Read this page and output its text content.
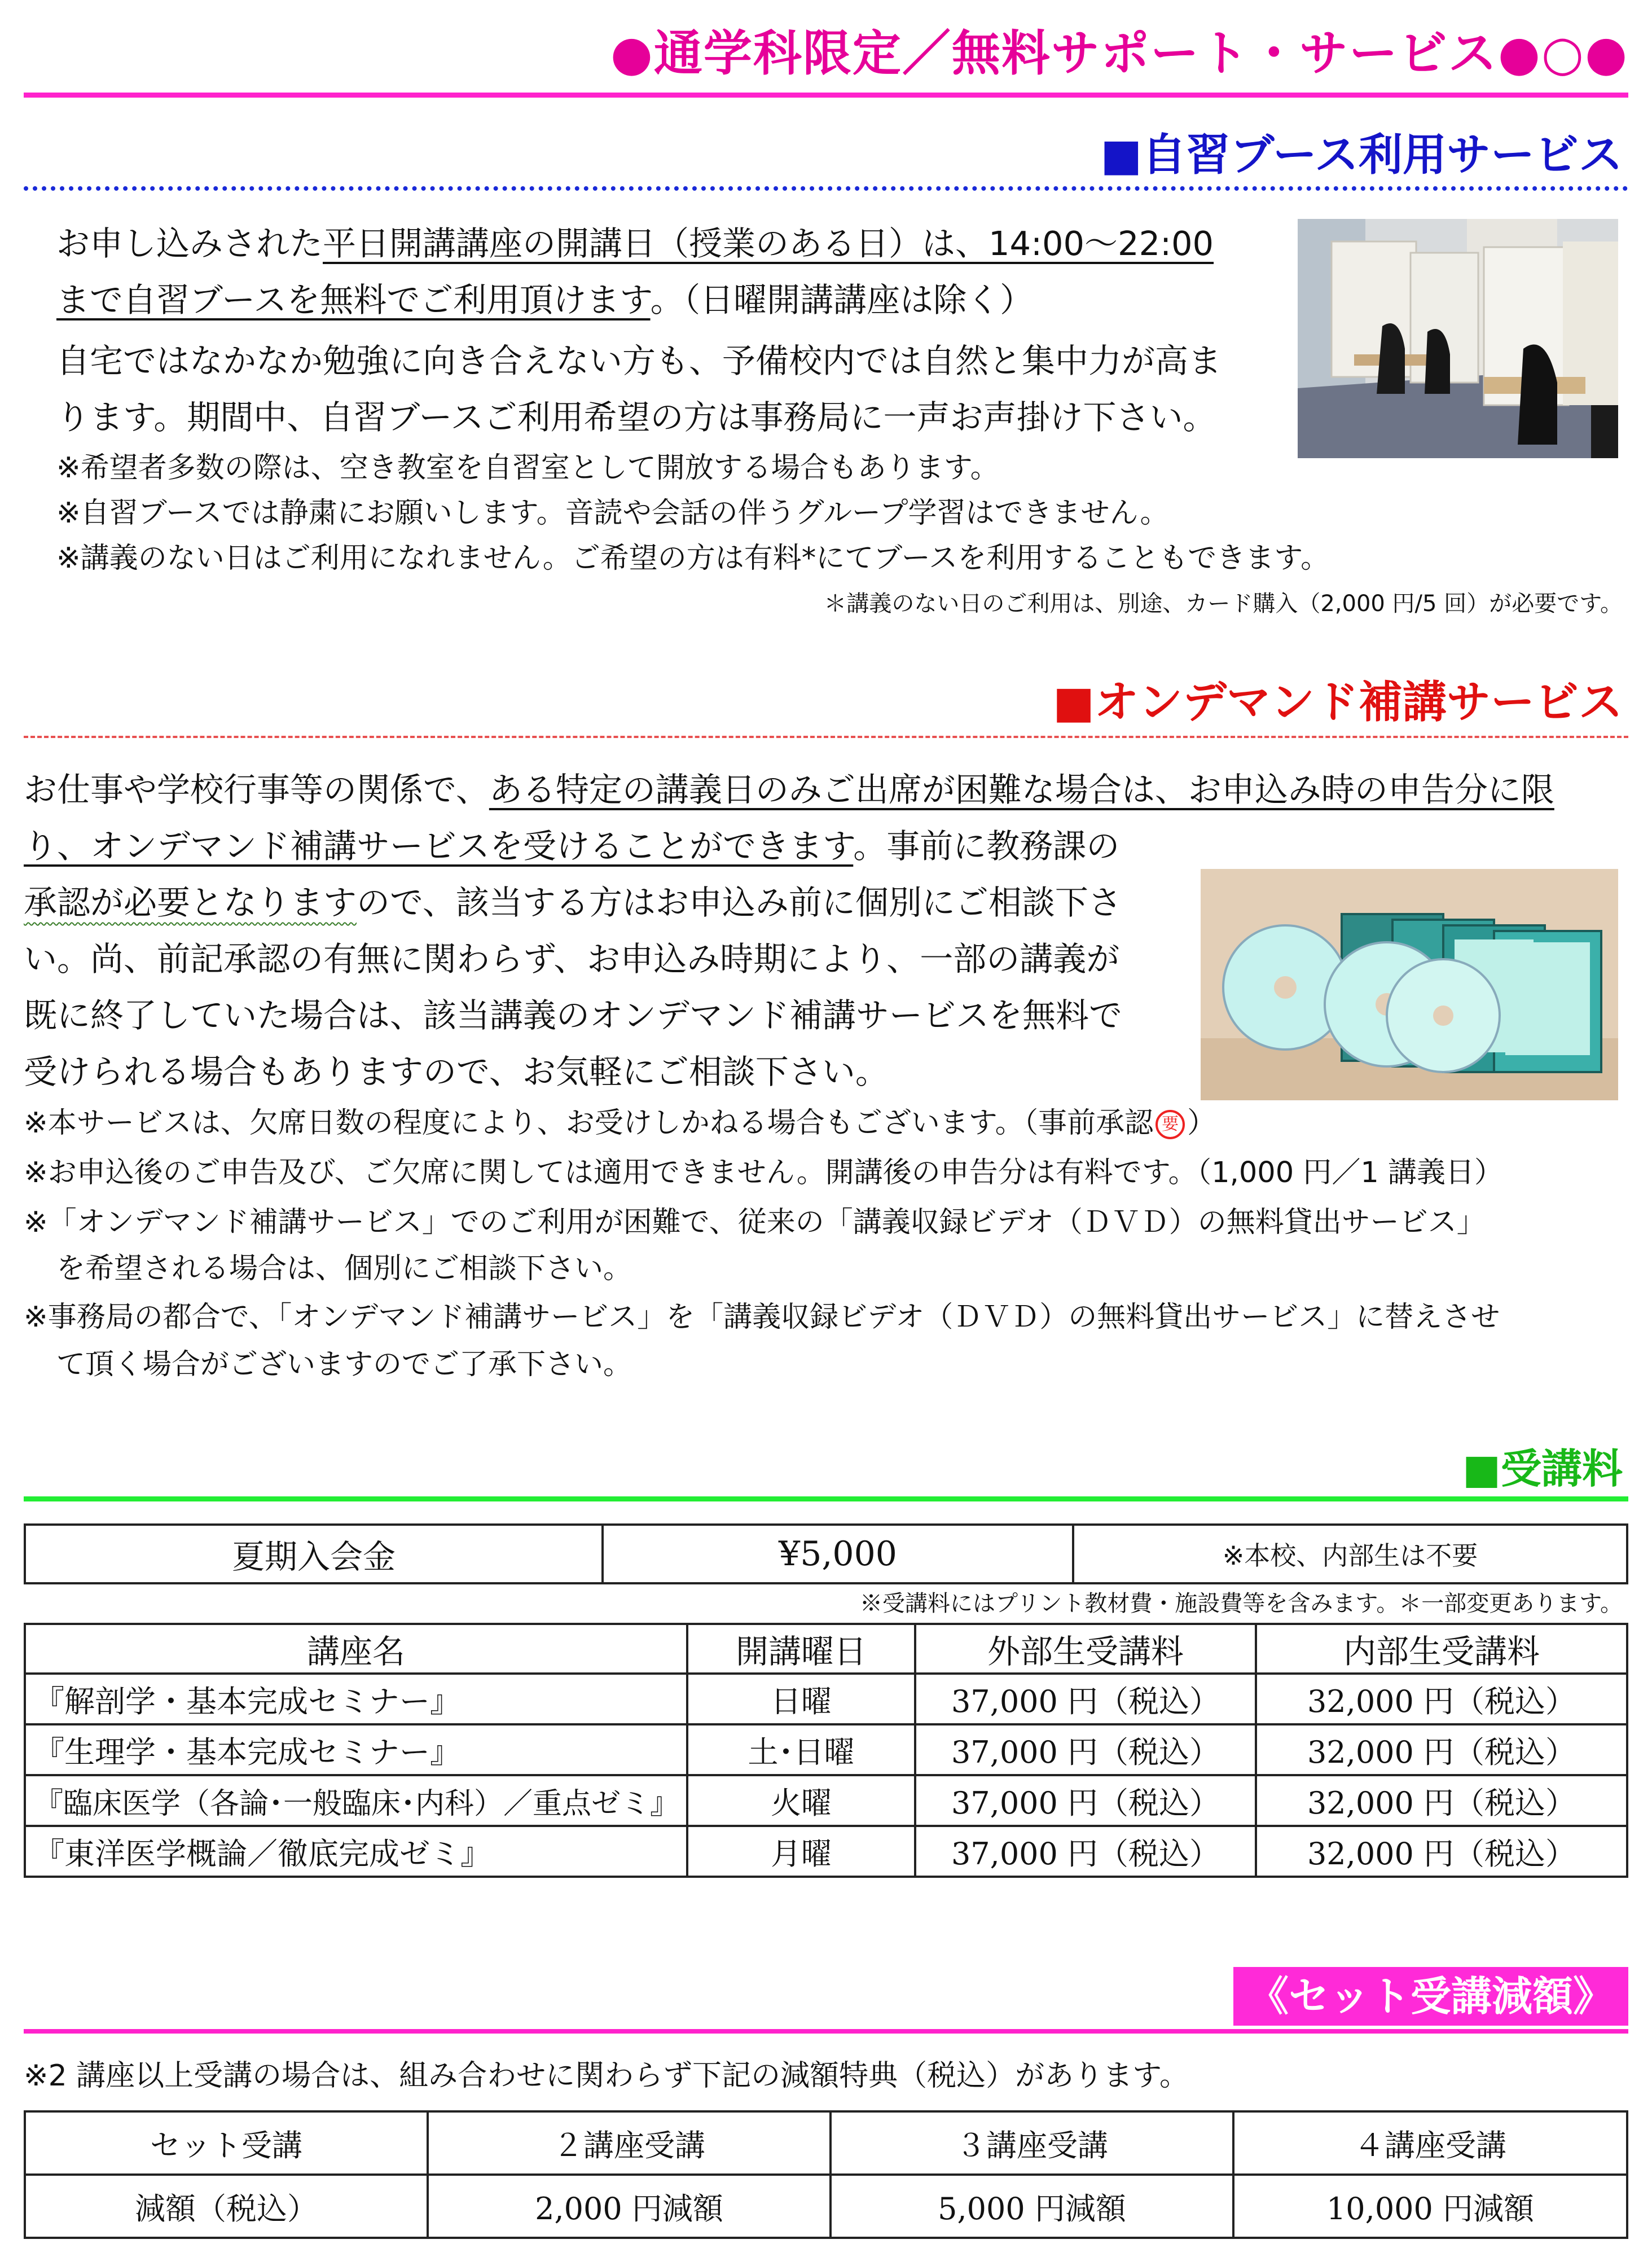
●通学科限定／無料サポート・サービス●○●
■自習ブース利用サービス
お申し込みされた平日開講講座の開講日（授業のある日）は、14:00〜22:00
まで自習ブースを無料でご利用頂けます。（日曜開講講座は除く）
自宅ではなかなか勉強に向き合えない方も、予備校内では自然と集中力が高ま
ります。期間中、自習ブースご利用希望の方は事務局に一声お声掛け下さい。
※希望者多数の際は、空き教室を自習室として開放する場合もあります。
※自習ブースでは静粛にお願いします。音読や会話の伴うグループ学習はできません。
※講義のない日はご利用になれません。ご希望の方は有料*にてブースを利用することもできます。
＊講義のない日のご利用は、別途、カード購入（2,000 円/5 回）が必要です。
■オンデマンド補講サービス
お仕事や学校行事等の関係で、ある特定の講義日のみご出席が困難な場合は、お申込み時の申告分に限
り、オンデマンド補講サービスを受けることができます。事前に教務課の
承認が必要となりますので、該当する方はお申込み前に個別にご相談下さ
い。尚、前記承認の有無に関わらず、お申込み時期により、一部の講義が
既に終了していた場合は、該当講義のオンデマンド補講サービスを無料で
受けられる場合もありますので、お気軽にご相談下さい。
※本サービスは、欠席日数の程度により、お受けしかねる場合もございます。（事前承認 要 ）
※お申込後のご申告及び、ご欠席に関しては適用できません。開講後の申告分は有料です。（1,000 円／1 講義日）
※「オンデマンド補講サービス」でのご利用が困難で、従来の「講義収録ビデオ（ＤＶＤ）の無料貸出サービス」
を希望される場合は、個別にご相談下さい。
※事務局の都合で、「オンデマンド補講サービス」を「講義収録ビデオ（ＤＶＤ）の無料貸出サービス」に替えさせ
て頂く場合がございますのでご了承下さい。
■受講料
夏期入会金	¥5,000	※本校、内部生は不要
※受講料にはプリント教材費・施設費等を含みます。＊一部変更あります。
講座名	開講曜日	外部生受講料	内部生受講料
『解剖学・基本完成セミナー』	日曜	37,000 円（税込）	32,000 円（税込）
『生理学・基本完成セミナー』	土･日曜	37,000 円（税込）	32,000 円（税込）
『臨床医学（各論･一般臨床･内科）／重点ゼミ』	火曜	37,000 円（税込）	32,000 円（税込）
『東洋医学概論／徹底完成ゼミ』	月曜	37,000 円（税込）	32,000 円（税込）
《セット受講減額》
※2 講座以上受講の場合は、組み合わせに関わらず下記の減額特典（税込）があります。
セット受講	２講座受講	３講座受講	４講座受講
減額（税込）	2,000 円減額	5,000 円減額	10,000 円減額
